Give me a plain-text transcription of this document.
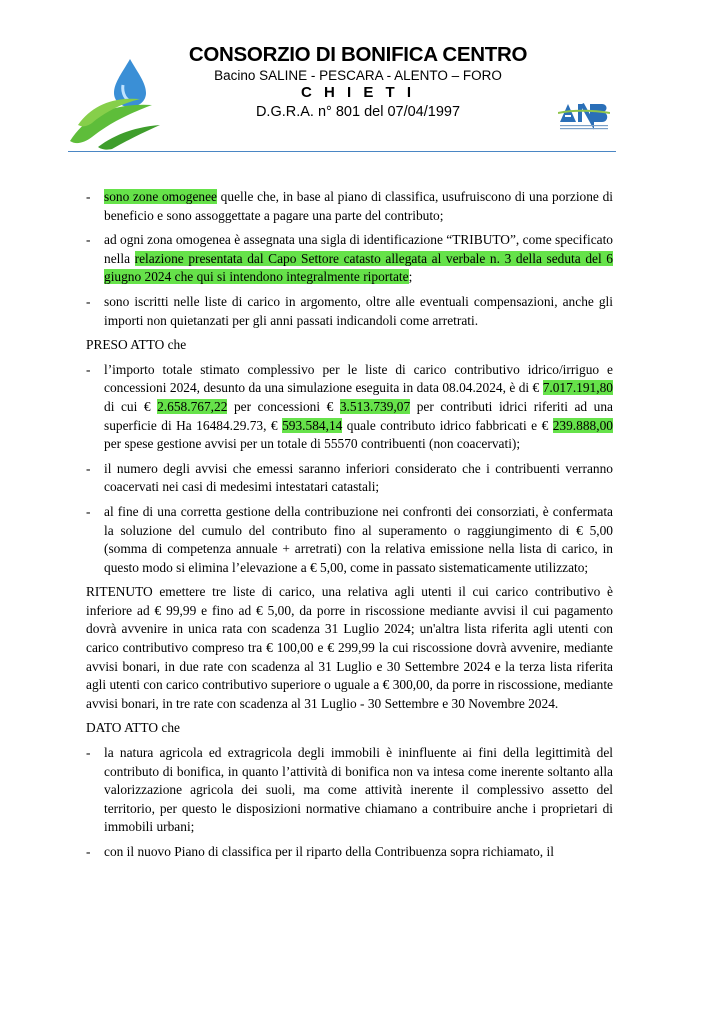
CONSORZIO DI BONIFICA CENTRO
Bacino SALINE - PESCARA - ALENTO – FORO
C H I E T I
D.G.R.A. n° 801 del 07/04/1997
- sono zone omogenee quelle che, in base al piano di classifica, usufruiscono di una porzione di beneficio e sono assoggettate a pagare una parte del contributo;
- ad ogni zona omogenea è assegnata una sigla di identificazione “TRIBUTO”, come specificato nella relazione presentata dal Capo Settore catasto allegata al verbale n. 3 della seduta del 6 giugno 2024 che qui si intendono integralmente riportate;
- sono iscritti nelle liste di carico in argomento, oltre alle eventuali compensazioni, anche gli importi non quietanzati per gli anni passati indicandoli come arretrati.
PRESO ATTO che
- l’importo totale stimato complessivo per le liste di carico contributivo idrico/irriguo e concessioni 2024, desunto da una simulazione eseguita in data 08.04.2024, è di € 7.017.191,80 di cui € 2.658.767,22 per concessioni € 3.513.739,07 per contributi idrici riferiti ad una superficie di Ha 16484.29.73, € 593.584,14 quale contributo idrico fabbricati e € 239.888,00 per spese gestione avvisi per un totale di 55570 contribuenti (non coacervati);
- il numero degli avvisi che emessi saranno inferiori considerato che i contribuenti verranno coacervati nei casi di medesimi intestatari catastali;
- al fine di una corretta gestione della contribuzione nei confronti dei consorziati, è confermata la soluzione del cumulo del contributo fino al superamento o raggiungimento di € 5,00 (somma di competenza annuale + arretrati) con la relativa emissione nella lista di carico, in questo modo si elimina l’elevazione a € 5,00, come in passato sistematicamente utilizzato;
RITENUTO emettere tre liste di carico, una relativa agli utenti il cui carico contributivo è inferiore ad € 99,99 e fino ad € 5,00, da porre in riscossione mediante avvisi il cui pagamento dovrà avvenire in unica rata con scadenza 31 Luglio 2024; un'altra lista riferita agli utenti con carico contributivo compreso tra € 100,00 e € 299,99 la cui riscossione dovrà avvenire, mediante avvisi bonari, in due rate con scadenza al 31 Luglio e 30 Settembre 2024 e la terza lista riferita agli utenti con carico contributivo superiore o uguale a € 300,00, da porre in riscossione, mediante avvisi bonari, in tre rate con scadenza al 31 Luglio - 30 Settembre e 30 Novembre 2024.
DATO ATTO che
- la natura agricola ed extragricola degli immobili è ininfluente ai fini della legittimità del contributo di bonifica, in quanto l’attività di bonifica non va intesa come inerente soltanto alla valorizzazione agricola dei suoli, ma come attività inerente il complessivo assetto del territorio, per questo le disposizioni normative chiamano a contribuire anche i proprietari di immobili urbani;
- con il nuovo Piano di classifica per il riparto della Contribuenza sopra richiamato, il
